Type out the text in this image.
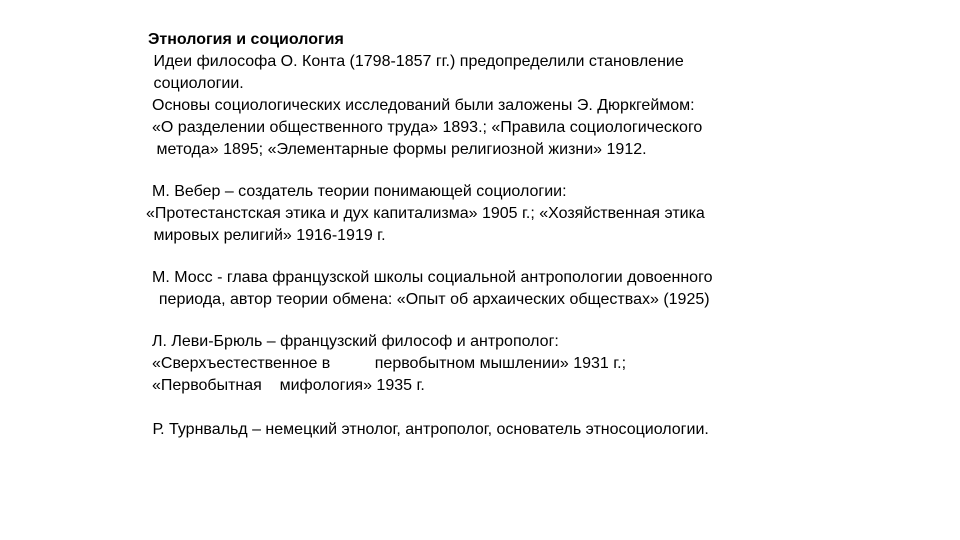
Этнология и социология
Идеи философа О. Конта (1798-1857 гг.) предопределили становление
социологии.
Основы социологических исследований были заложены Э. Дюркгеймом:
«О разделении общественного труда» 1893.; «Правила социологического
метода» 1895; «Элементарные формы религиозной жизни» 1912.
М. Вебер – создатель теории понимающей социологии:
«Протестанстская этика и дух капитализма» 1905 г.; «Хозяйственная этика
мировых религий» 1916-1919 г.
М. Мосс - глава французской школы социальной антропологии довоенного
периода, автор теории обмена: «Опыт об архаических обществах» (1925)
Л. Леви-Брюль – французский философ и антрополог:
«Сверхъестественное в          первобытном мышлении» 1931 г.;
«Первобытная    мифология» 1935 г.
Р. Турнвальд – немецкий этнолог, антрополог, основатель этносоциологии.
